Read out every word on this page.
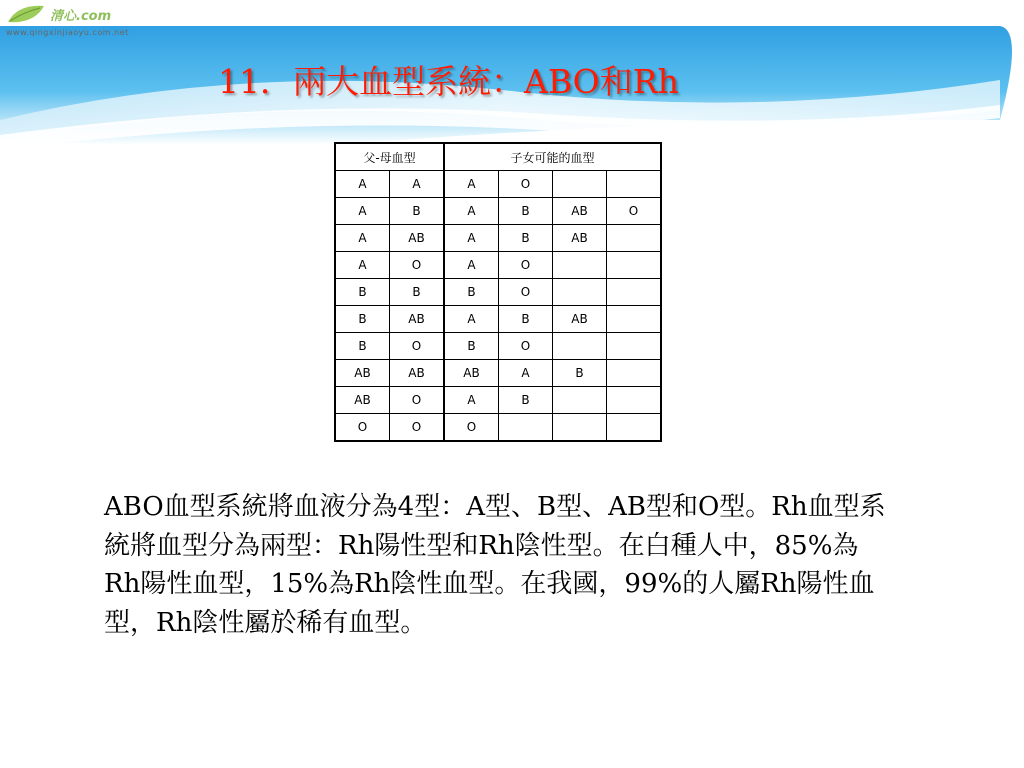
清心.com
www.qingxinjiaoyu.com.net
11．兩大血型系統：ABO和Rh
父-母血型		子女可能的血型			
A	A	A	O		
A	B	A	B	AB	O
A	AB	A	B	AB	
A	O	A	O		
B	B	B	O		
B	AB	A	B	AB	
B	O	B	O		
AB	AB	AB	A	B	
AB	O	A	B		
O	O	O			

ABO血型系統將血液分為4型：A型、B型、AB型和O型。Rh血型系統將血型分為兩型：Rh陽性型和Rh陰性型。在白種人中，85%為Rh陽性血型，15%為Rh陰性血型。在我國，99%的人屬Rh陽性血型，Rh陰性屬於稀有血型。
